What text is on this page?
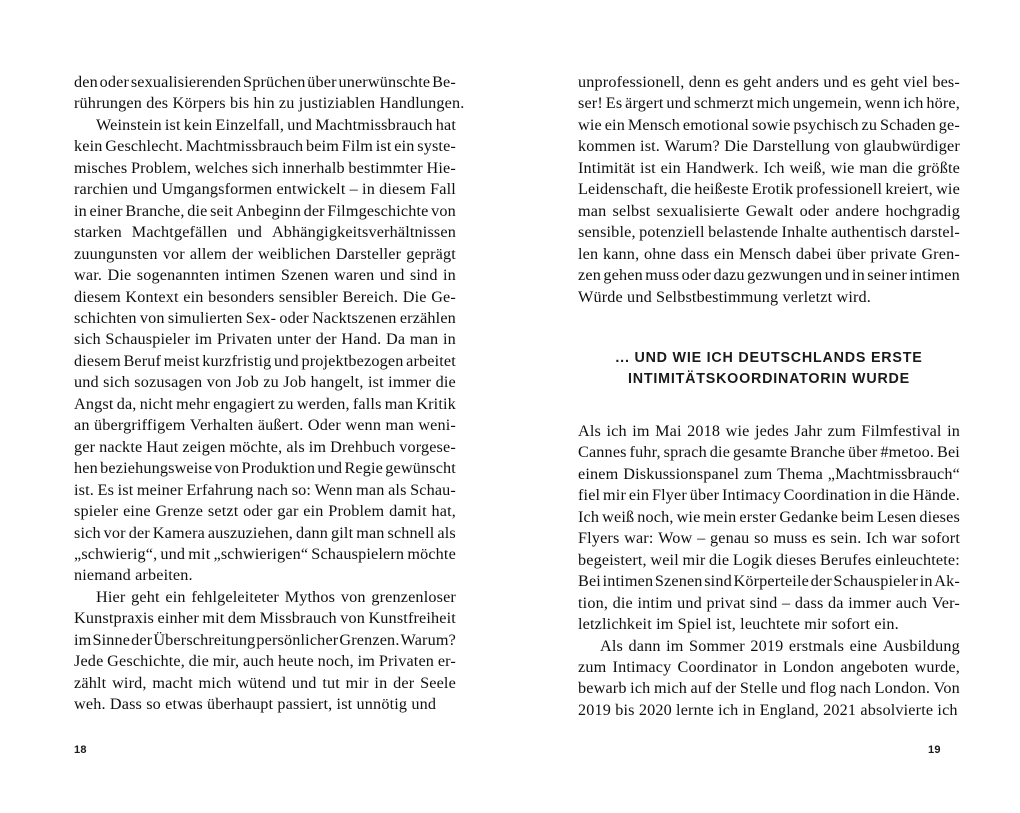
den oder sexualisierenden Sprüchen über unerwünschte Be-
rührungen des Körpers bis hin zu justiziablen Handlungen.
Weinstein ist kein Einzelfall, und Machtmissbrauch hat
kein Geschlecht. Machtmissbrauch beim Film ist ein syste-
misches Problem, welches sich innerhalb bestimmter Hie-
rarchien und Umgangsformen entwickelt – in diesem Fall
in einer Branche, die seit Anbeginn der Filmgeschichte von
starken Machtgefällen und Abhängigkeitsverhältnissen
zuungunsten vor allem der weiblichen Darsteller geprägt
war. Die sogenannten intimen Szenen waren und sind in
diesem Kontext ein besonders sensibler Bereich. Die Ge-
schichten von simulierten Sex- oder Nacktszenen erzählen
sich Schauspieler im Privaten unter der Hand. Da man in
diesem Beruf meist kurzfristig und projektbezogen arbeitet
und sich sozusagen von Job zu Job hangelt, ist immer die
Angst da, nicht mehr engagiert zu werden, falls man Kritik
an übergriffigem Verhalten äußert. Oder wenn man weni-
ger nackte Haut zeigen möchte, als im Drehbuch vorgese-
hen beziehungsweise von Produktion und Regie gewünscht
ist. Es ist meiner Erfahrung nach so: Wenn man als Schau-
spieler eine Grenze setzt oder gar ein Problem damit hat,
sich vor der Kamera auszuziehen, dann gilt man schnell als
„schwierig“, und mit „schwierigen“ Schauspielern möchte
niemand arbeiten.
Hier geht ein fehlgeleiteter Mythos von grenzenloser
Kunstpraxis einher mit dem Missbrauch von Kunstfreiheit
im Sinne der Überschreitung persönlicher Grenzen. Warum?
Jede Geschichte, die mir, auch heute noch, im Privaten er-
zählt wird, macht mich wütend und tut mir in der Seele
weh. Dass so etwas überhaupt passiert, ist unnötig und
unprofessionell, denn es geht anders und es geht viel bes-
ser! Es ärgert und schmerzt mich ungemein, wenn ich höre,
wie ein Mensch emotional sowie psychisch zu Schaden ge-
kommen ist. Warum? Die Darstellung von glaubwürdiger
Intimität ist ein Handwerk. Ich weiß, wie man die größte
Leidenschaft, die heißeste Erotik professionell kreiert, wie
man selbst sexualisierte Gewalt oder andere hochgradig
sensible, potenziell belastende Inhalte authentisch darstel-
len kann, ohne dass ein Mensch dabei über private Gren-
zen gehen muss oder dazu gezwungen und in seiner intimen
Würde und Selbstbestimmung verletzt wird.
... UND WIE ICH DEUTSCHLANDS ERSTE
INTIMITÄTSKOORDINATORIN WURDE
Als ich im Mai 2018 wie jedes Jahr zum Filmfestival in
Cannes fuhr, sprach die gesamte Branche über #metoo. Bei
einem Diskussionspanel zum Thema „Machtmissbrauch“
fiel mir ein Flyer über Intimacy Coordination in die Hände.
Ich weiß noch, wie mein erster Gedanke beim Lesen dieses
Flyers war: Wow – genau so muss es sein. Ich war sofort
begeistert, weil mir die Logik dieses Berufes einleuchtete:
Bei intimen Szenen sind Körperteile der Schauspieler in Ak-
tion, die intim und privat sind – dass da immer auch Ver-
letzlichkeit im Spiel ist, leuchtete mir sofort ein.
Als dann im Sommer 2019 erstmals eine Ausbildung
zum Intimacy Coordinator in London angeboten wurde,
bewarb ich mich auf der Stelle und flog nach London. Von
2019 bis 2020 lernte ich in England, 2021 absolvierte ich
18	19
